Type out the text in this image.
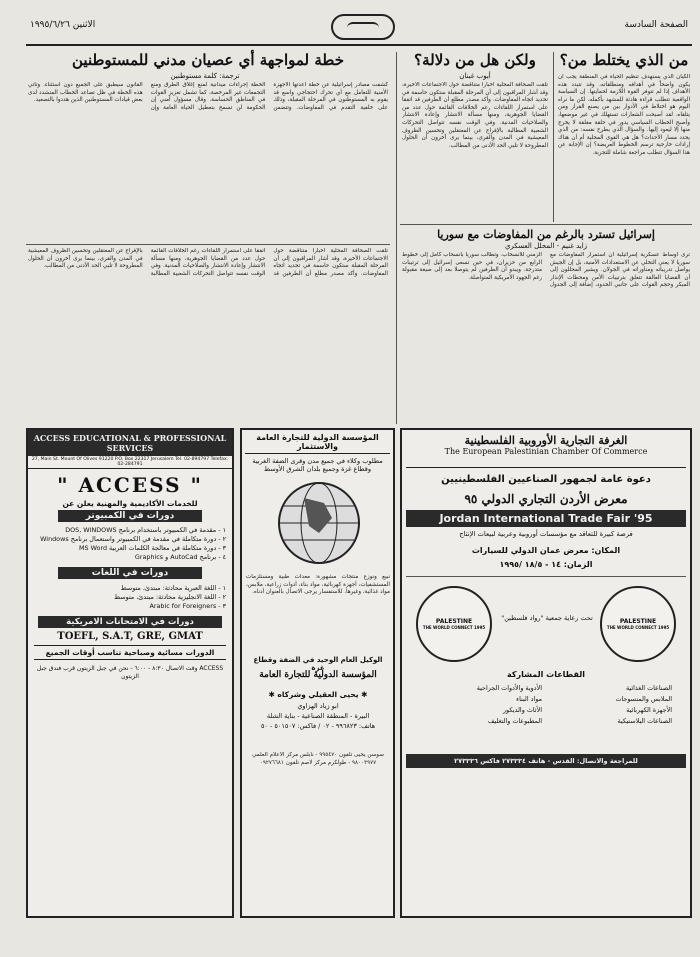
الصفحة السادسة
الاثنين ١٩٩٥/٦/٢٦
من الذي يختلط من؟
الكيان الذي يستهدف تنظيم الحياة في المنطقة يجب أن يكون واضحاً في أهدافه ومنطلقاته، وقد تتبدد هذه الأهداف إذا لم تتوفر القوة اللازمة لحمايتها. إن السياسة الواقعية تتطلب قراءة هادئة للمشهد بأكمله، لكن ما نراه اليوم هو اختلاط في الأدوار بين من يصنع القرار ومن يتلقاه. لقد أصبحت الشعارات تستهلك في غير موضعها، وأصبح الخطاب السياسي يدور في حلقة مغلقة لا يخرج منها إلا ليعود إليها. والسؤال الذي يطرح نفسه: من الذي يحدد مسار الأحداث؟ هل هي القوى المحلية أم أن هناك إرادات خارجية ترسم الخطوط العريضة؟ إن الإجابة عن هذا السؤال تتطلب مراجعة شاملة للتجربة.
ولكن هل من دلالة؟
أيوب غبنان
تلقت الصحافة المحلية أخباراً متناقضة حول الاجتماعات الأخيرة، وقد أشار المراقبون إلى أن المرحلة المقبلة ستكون حاسمة في تحديد اتجاه المفاوضات. وأكد مصدر مطلع أن الطرفين قد اتفقا على استمرار اللقاءات رغم الخلافات القائمة حول عدد من القضايا الجوهرية، ومنها مسألة الانتشار وإعادة الانتشار والصلاحيات المدنية. وفي الوقت نفسه تتواصل التحركات الشعبية المطالبة بالإفراج عن المعتقلين وتحسين الظروف المعيشية في المدن والقرى، بينما يرى آخرون أن الحلول المطروحة لا تلبي الحد الأدنى من المطالب.
إسرائيل تسترد بالرغم من المفاوضات مع سوريا
زايد غنيم - المحلل العسكري
ترى أوساط عسكرية إسرائيلية أن استمرار المفاوضات مع سوريا لا يعني التخلي عن الاستعدادات الأمنية، بل إن الجيش يواصل تدريباته ومناوراته في الجولان. ويشير المحللون إلى أن القضايا العالقة تتعلق بترتيبات الأمن ومحطات الإنذار المبكر وحجم القوات على جانبي الحدود، إضافة إلى الجدول الزمني للانسحاب. وتطالب سوريا بانسحاب كامل إلى خطوط الرابع من حزيران، في حين تسعى إسرائيل إلى ترتيبات متدرجة. ويبدو أن الطرفين لم يتوصلا بعد إلى صيغة مقبولة رغم الجهود الأمريكية المتواصلة.
خطة لمواجهة أي عصيان مدني للمستوطنين
ترجمة: كلمة مستوطنين
كشفت مصادر إسرائيلية عن خطة أعدتها الأجهزة الأمنية للتعامل مع أي تحرك احتجاجي واسع قد يقوم به المستوطنون في المرحلة المقبلة، وذلك على خلفية التقدم في المفاوضات. وتتضمن الخطة إجراءات ميدانية لمنع إغلاق الطرق ومنع التجمعات غير المرخصة، كما تشمل تعزيز القوات في المناطق الحساسة. وقال مسؤول أمني إن الحكومة لن تسمح بتعطيل الحياة العامة وإن القانون سيطبق على الجميع دون استثناء. وتأتي هذه الخطة في ظل تصاعد الخطاب المتشدد لدى بعض قيادات المستوطنين الذين هددوا بالتصعيد.
تلقت الصحافة المحلية أخباراً متناقضة حول الاجتماعات الأخيرة، وقد أشار المراقبون إلى أن المرحلة المقبلة ستكون حاسمة في تحديد اتجاه المفاوضات. وأكد مصدر مطلع أن الطرفين قد اتفقا على استمرار اللقاءات رغم الخلافات القائمة حول عدد من القضايا الجوهرية، ومنها مسألة الانتشار وإعادة الانتشار والصلاحيات المدنية. وفي الوقت نفسه تتواصل التحركات الشعبية المطالبة بالإفراج عن المعتقلين وتحسين الظروف المعيشية في المدن والقرى، بينما يرى آخرون أن الحلول المطروحة لا تلبي الحد الأدنى من المطالب.
المؤسسة الدولية للتجارة العامة والاستثمار
مطلوب وكلاء في جميع مدن وقرى الضفة الغربية وقطاع غزة وجميع بلدان الشرق الأوسط
نبيع ونوزع منتجات مشهورة: معدات طبية ومستلزمات المستشفيات، أجهزة كهربائية، مواد بناء، أدوات زراعية، ملابس، مواد غذائية، وغيرها. للاستفسار يرجى الاتصال بالعنوان أدناه.
الوكيل العام الوحيد في الضفة وقطاع غزة
المؤسسة الدولية للتجارة العامة
✱ يحيى العقيلي وشركاه ✱
ابو زياد الهزاوي
البيرة - المنطقة الصناعية - بناية الشلة
هاتف: ٩٩٦٨٢٣ - ٠٢ / فاكس: ٥٠١٥٠٧ - ٥٠
سوسن يحيى تلفون ٩٩٥٤٧٠ - نابلس مركز الاعلام العلمي ٩٨٠٠٣٩٧٧ - طولكرم مركز لاصم تلفون ٠٩٢٧٦٦٨١
الغرفة التجارية الأوروبية الفلسطينية
The European Palestinian Chamber Of Commerce
دعوة عامة لجمهور الصناعيين الفلسطينيين
معرض الأردن التجاري الدولي ٩٥
Jordan International Trade Fair '95
فرصة كبيرة للتعاقد مع مؤسسات أوروبية وعربية لبيعات الإنتاج
المكان: معرض عمان الدولي للسيارات
الزمان: ١٤ - ١٨/٥ /١٩٩٥
PALESTINE
THE WORLD CONNECT 1995
PALESTINE
THE WORLD CONNECT 1995
تحت رعاية جمعية "رواد فلسطين"
القطاعات المشاركة
الصناعات الغذائية
الأدوية والأدوات الجراحية
الملابس والمنسوجات
مواد البناء
الأجهزة الكهربائية
الأثاث والديكور
الصناعات البلاستيكية
المطبوعات والتغليف
للمراجعة والاتصال: القدس - هاتف ٢٧٣٣٣٤ فاكس ٢٧٣٣٣٦
ACCESS EDUCATIONAL & PROFESSIONAL SERVICES
27, Main St. Mount Of Olives 91220 P.O. Box 22317 Jerusalem Tel. 02-894797 Telefax. 02-284791
" ACCESS "
للخدمات الأكاديمية والمهنية يعلن عن
دورات في الكمبيوتر
١ - مقدمة في الكمبيوتر باستخدام برنامج DOS, WINDOWS
٢ - دورة متكاملة في مقدمة في الكمبيوتر واستعمال برنامج Windows
٣ - دورة متكاملة في معالجة الكلمات العربية MS Word
٤ - برنامج AutoCad و Graphics
دورات في اللغات
١ - اللغة العبرية محادثة: مبتدئ، متوسط
٢ - اللغة الانجليزية محادثة: مبتدئ، متوسط
٣ - Arabic for Foreigners
دورات في الامتحانات الامريكية
TOEFL, S.A.T, GRE, GMAT
الدورات مسائية وصباحية تناسب أوقات الجميع
ACCESS وقت الاتصال ٨:٣٠ - ٦:٠٠ - نحن في جبل الزيتون قرب فندق جبل الزيتون
